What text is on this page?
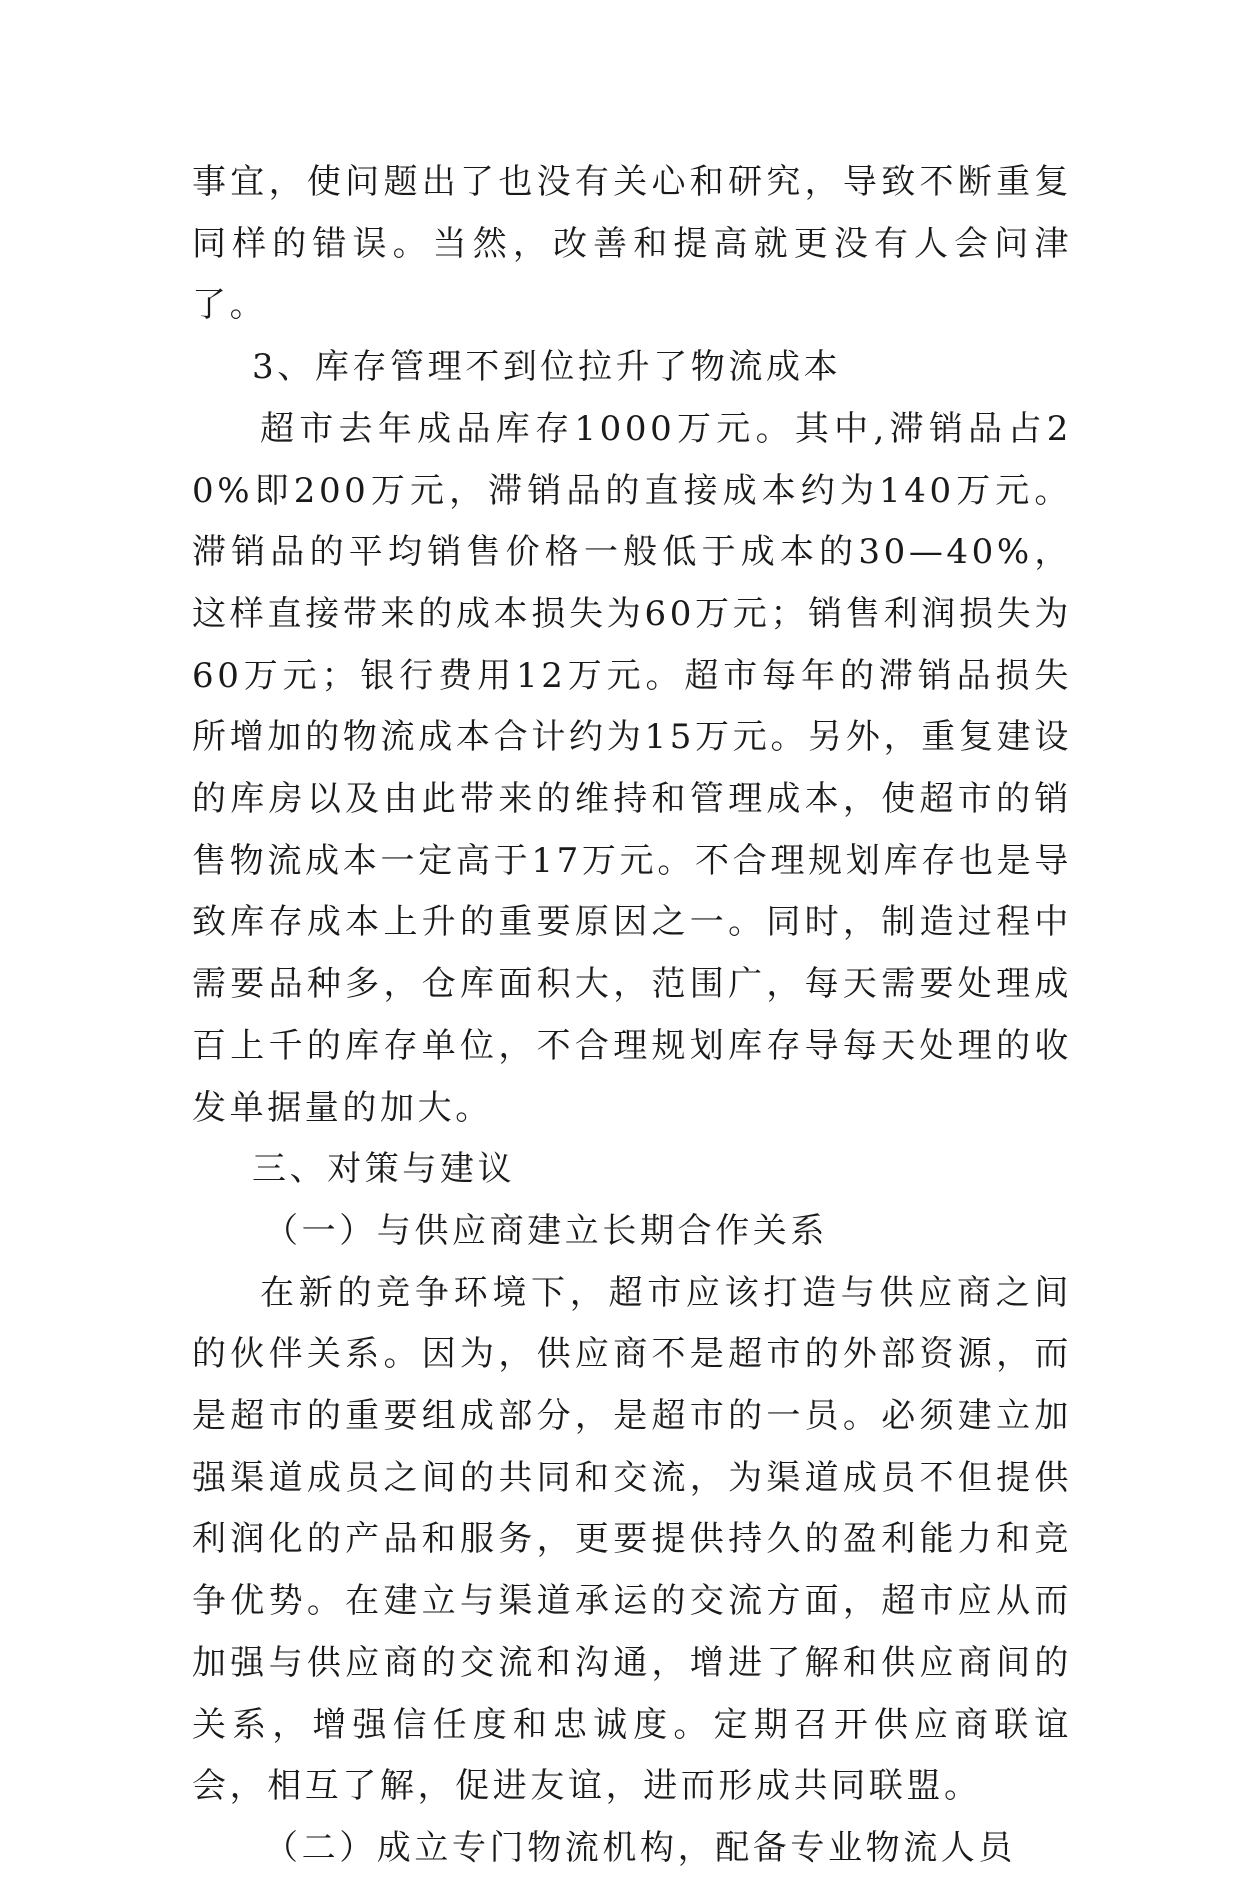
事宜，使问题出了也没有关心和研究，导致不断重复同样的错误。当然，改善和提高就更没有人会问津了。

3、库存管理不到位拉升了物流成本

超市去年成品库存1000万元。其中,滞销品占20%即200万元，滞销品的直接成本约为140万元。滞销品的平均销售价格一般低于成本的30—40%，这样直接带来的成本损失为60万元；销售利润损失为60万元；银行费用12万元。超市每年的滞销品损失所增加的物流成本合计约为15万元。另外，重复建设的库房以及由此带来的维持和管理成本，使超市的销售物流成本一定高于17万元。不合理规划库存也是导致库存成本上升的重要原因之一。同时，制造过程中需要品种多，仓库面积大，范围广，每天需要处理成百上千的库存单位，不合理规划库存导每天处理的收发单据量的加大。

三、对策与建议

（一）与供应商建立长期合作关系

在新的竞争环境下，超市应该打造与供应商之间的伙伴关系。因为，供应商不是超市的外部资源，而是超市的重要组成部分，是超市的一员。必须建立加强渠道成员之间的共同和交流，为渠道成员不但提供利润化的产品和服务，更要提供持久的盈利能力和竞争优势。在建立与渠道承运的交流方面，超市应从而加强与供应商的交流和沟通，增进了解和供应商间的关系，增强信任度和忠诚度。定期召开供应商联谊会，相互了解，促进友谊，进而形成共同联盟。

（二）成立专门物流机构，配备专业物流人员
